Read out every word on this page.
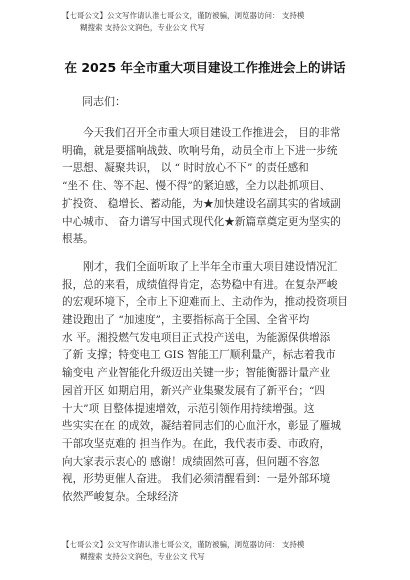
【七哥公文】公文写作请认准七哥公文，谨防被骗，浏览器访问： 支持模
糊搜索 支持公文润色，专业公文 代写
在 2025 年全市重大项目建设工作推进会上的讲话
同志们：
今天我们召开全市重大项目建设工作推进会， 目的非常
明确，就是要擂响战鼓、吹响号角，动员全市上下进一步统
一思想、凝聚共识， 以 “ 时时放心不下” 的责任感和
“坐不 住、等不起、慢不得”的紧迫感，全力以赴抓项目、
扩投资、 稳增长、蓄动能，为★加快建设名副其实的省域副
中心城市、 奋力谱写中国式现代化★新篇章奠定更为坚实的
根基。
刚才，我们全面听取了上半年全市重大项目建设情况汇
报，总的来看，成绩值得肯定，态势稳中有进。在复杂严峻
的宏观环境下，全市上下迎难而上、主动作为，推动投资项目
建设跑出了 “加速度”，主要指标高于全国、全省平均
水 平。湘投燃气发电项目正式投产送电，为能源保供增添
了新 支撑；特变电工 GIS 智能工厂顺利量产，标志着我市
输变电 产业智能化升级迈出关键一步；智能衡器计量产业
园首开区 如期启用，新兴产业集聚发展有了新平台；“四
十大”项 目整体提速增效，示范引领作用持续增强。这
些实实在在 的成效，凝结着同志们的心血汗水，彰显了雁城
干部攻坚克难的 担当作为。在此，我代表市委、市政府，
向大家表示衷心的 感谢！成绩固然可喜，但问题不容忽
视，形势更催人奋进。 我们必须清醒看到：一是外部环境
依然严峻复杂。全球经济
【七哥公文】公文写作请认准七哥公文，谨防被骗，浏览器访问： 支持模
糊搜索 支持公文润色，专业公文 代写
